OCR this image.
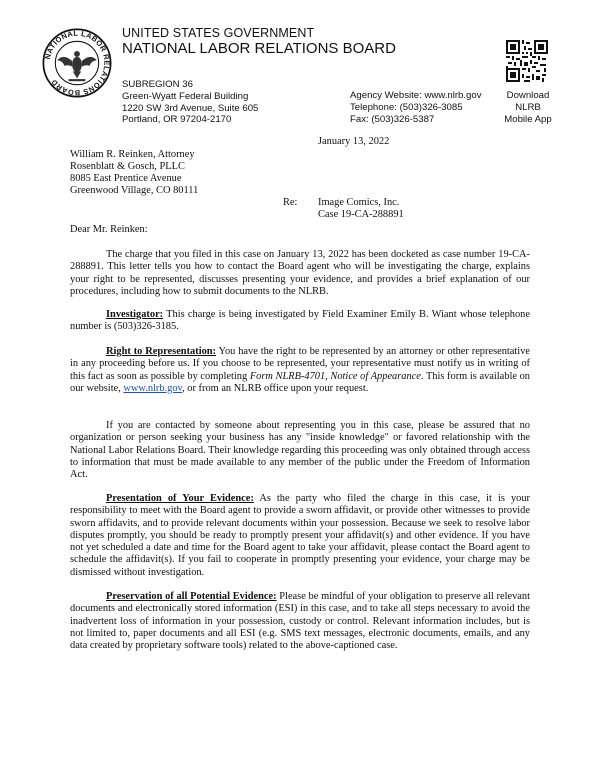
NATIONAL LABOR RELATIONS BOARD
UNITED STATES GOVERNMENT
NATIONAL LABOR RELATIONS BOARD
SUBREGION 36
Green-Wyatt Federal Building
1220 SW 3rd Avenue, Suite 605
Portland, OR 97204-2170
Agency Website: www.nlrb.gov
Telephone: (503)326-3085
Fax: (503)326-5387
Download
NLRB
Mobile App
January 13, 2022
William R. Reinken, Attorney
Rosenblatt & Gosch, PLLC
8085 East Prentice Avenue
Greenwood Village, CO 80111
Re: Image Comics, Inc.
Case 19-CA-288891
Dear Mr. Reinken:
The charge that you filed in this case on January 13, 2022 has been docketed as case number 19-CA-288891. This letter tells you how to contact the Board agent who will be investigating the charge, explains your right to be represented, discusses presenting your evidence, and provides a brief explanation of our procedures, including how to submit documents to the NLRB.
Investigator: This charge is being investigated by Field Examiner Emily B. Wiant whose telephone number is (503)326-3185.
Right to Representation: You have the right to be represented by an attorney or other representative in any proceeding before us. If you choose to be represented, your representative must notify us in writing of this fact as soon as possible by completing Form NLRB-4701, Notice of Appearance. This form is available on our website, www.nlrb.gov, or from an NLRB office upon your request.
If you are contacted by someone about representing you in this case, please be assured that no organization or person seeking your business has any "inside knowledge" or favored relationship with the National Labor Relations Board. Their knowledge regarding this proceeding was only obtained through access to information that must be made available to any member of the public under the Freedom of Information Act.
Presentation of Your Evidence: As the party who filed the charge in this case, it is your responsibility to meet with the Board agent to provide a sworn affidavit, or provide other witnesses to provide sworn affidavits, and to provide relevant documents within your possession. Because we seek to resolve labor disputes promptly, you should be ready to promptly present your affidavit(s) and other evidence. If you have not yet scheduled a date and time for the Board agent to take your affidavit, please contact the Board agent to schedule the affidavit(s). If you fail to cooperate in promptly presenting your evidence, your charge may be dismissed without investigation.
Preservation of all Potential Evidence: Please be mindful of your obligation to preserve all relevant documents and electronically stored information (ESI) in this case, and to take all steps necessary to avoid the inadvertent loss of information in your possession, custody or control. Relevant information includes, but is not limited to, paper documents and all ESI (e.g. SMS text messages, electronic documents, emails, and any data created by proprietary software tools) related to the above-captioned case.
